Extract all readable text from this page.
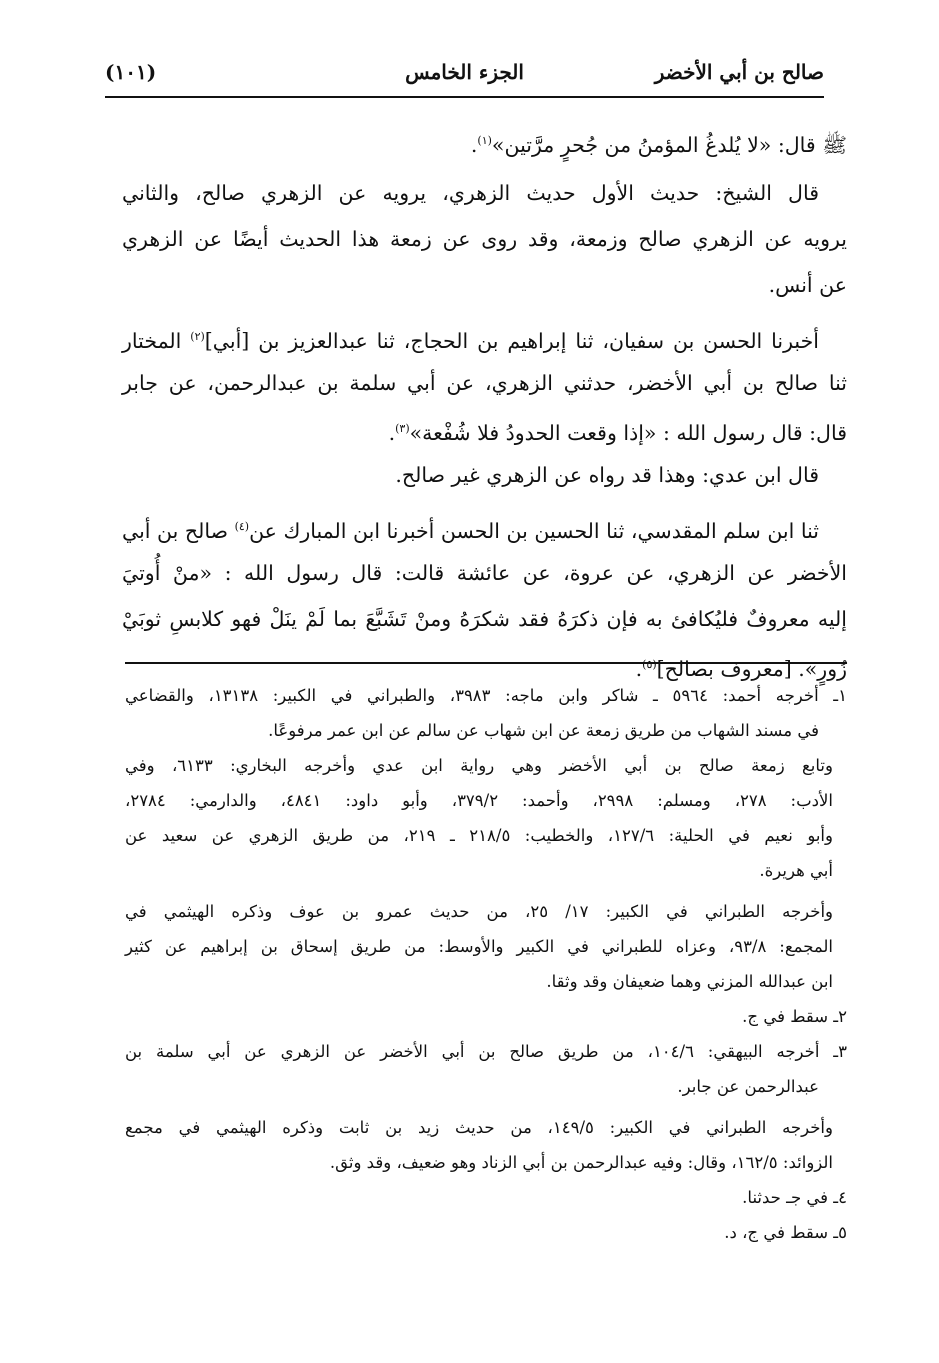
صالح بن أبي الأخضر
الجزء الخامس
(١٠١)
ﷺ قال: «لا يُلدغُ المؤمنُ من جُحرٍ مرَّتين»$^{(١)}$.
قال الشيخ: حديث الأول حديث الزهري، يرويه عن الزهري صالح، والثاني
يرويه عن الزهري صالح وزمعة، وقد روى عن زمعة هذا الحديث أيضًا عن الزهري
عن أنس.
أخبرنا الحسن بن سفيان، ثنا إبراهيم بن الحجاج، ثنا عبدالعزيز بن [أبي]$^{(٢)}$ المختار
ثنا صالح بن أبي الأخضر، حدثني الزهري، عن أبي سلمة بن عبدالرحمن، عن جابر
قال: قال رسول الله : «إذا وقعت الحدودُ فلا شُفْعة»$^{(٣)}$.
قال ابن عدي: وهذا قد رواه عن الزهري غير صالح.
ثنا ابن سلم المقدسي، ثنا الحسين بن الحسن أخبرنا ابن المبارك عن$^{(٤)}$ صالح بن أبي
الأخضر عن الزهري، عن عروة، عن عائشة قالت: قال رسول الله : «منْ أُوتيَ
إليه معروفٌ فليُكافئ به فإن ذكرَهُ فقد شكرَهُ ومنْ تَشَبَّعَ بما لَمْ ينَلْ فهو كلابسِ ثوبَيْ
زُورٍ». [معروف بصالح]$^{(٥)}$.
١ـ أخرجه أحمد: ٥٩٦٤ ـ شاكر وابن ماجه: ٣٩٨٣، والطبراني في الكبير: ١٣١٣٨، والقضاعي
في مسند الشهاب من طريق زمعة عن ابن شهاب عن سالم عن ابن عمر مرفوعًا.
وتابع زمعة صالح بن أبي الأخضر وهي رواية ابن عدي وأخرجه البخاري: ٦١٣٣، وفي
الأدب: ٢٧٨، ومسلم: ٢٩٩٨، وأحمد: ٣٧٩/٢، وأبو داود: ٤٨٤١، والدارمي: ٢٧٨٤،
وأبو نعيم في الحلية: ١٢٧/٦، والخطيب: ٢١٨/٥ ـ ٢١٩، من طريق الزهري عن سعيد عن
أبي هريرة.
وأخرجه الطبراني في الكبير: ١٧/ ٢٥، من حديث عمرو بن عوف وذكره الهيثمي في
المجمع: ٩٣/٨، وعزاه للطبراني في الكبير والأوسط: من طريق إسحاق بن إبراهيم عن كثير
ابن عبدالله المزني وهما ضعيفان وقد وثقا.
٢ـ سقط في ج.
٣ـ أخرجه البيهقي: ١٠٤/٦، من طريق صالح بن أبي الأخضر عن الزهري عن أبي سلمة بن
عبدالرحمن عن جابر.
وأخرجه الطبراني في الكبير: ١٤٩/٥، من حديث زيد بن ثابت وذكره الهيثمي في مجمع
الزوائد: ١٦٢/٥، وقال: وفيه عبدالرحمن بن أبي الزناد وهو ضعيف، وقد وثق.
٤ـ في جـ حدثنا.
٥ـ سقط في ج، د.
